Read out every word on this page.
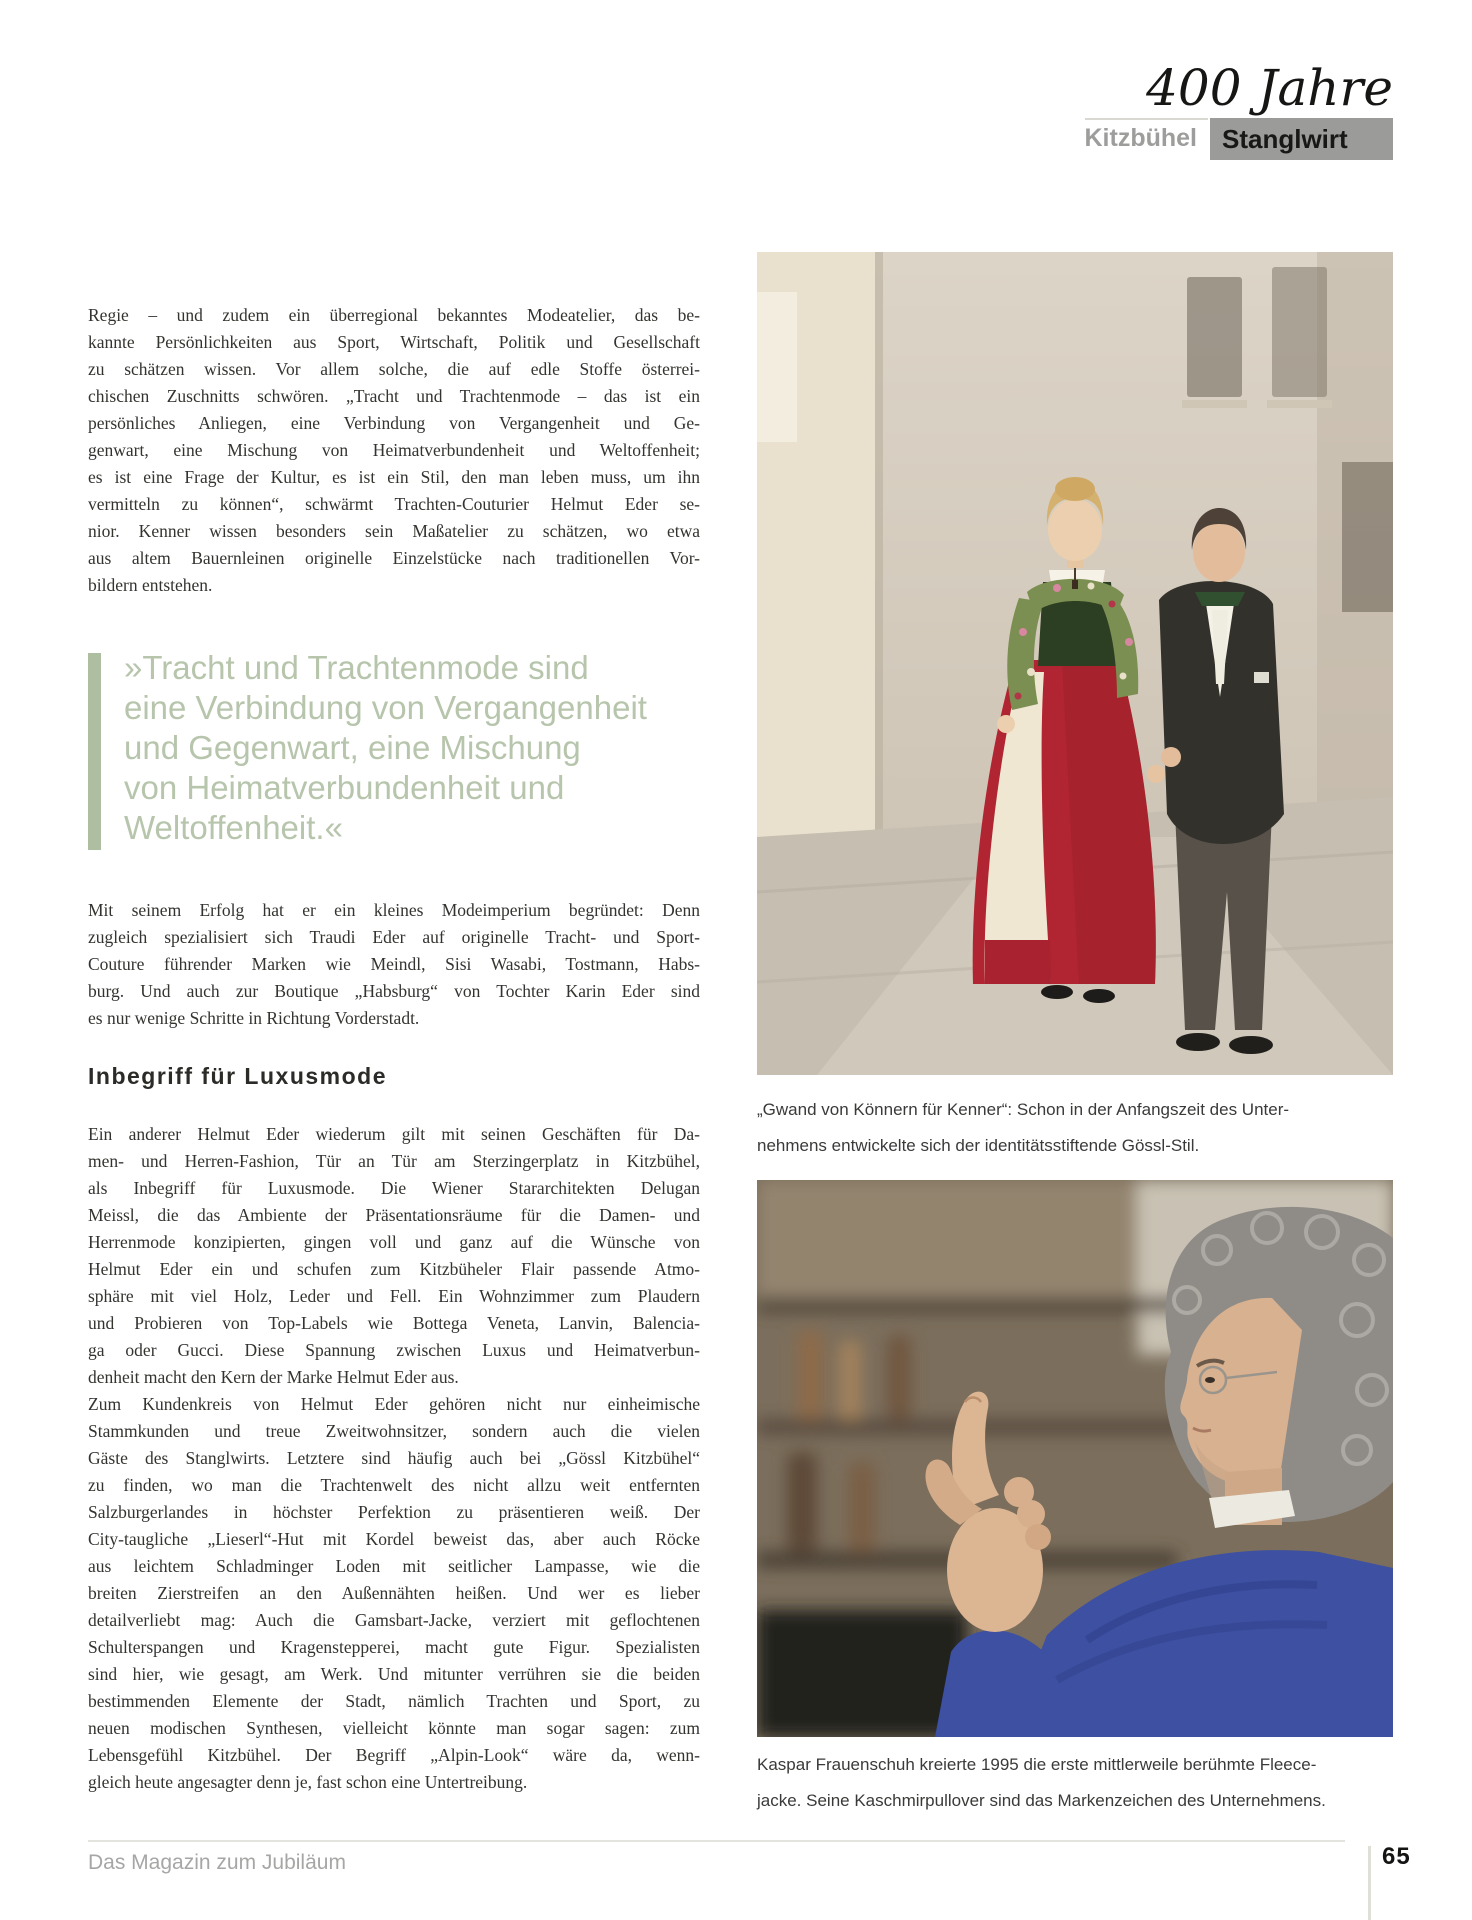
400 Jahre
Kitzbühel Stanglwirt
Regie – und zudem ein überregional bekanntes Modeatelier, das be-
kannte Persönlichkeiten aus Sport, Wirtschaft, Politik und Gesellschaft
zu schätzen wissen. Vor allem solche, die auf edle Stoffe österrei-
chischen Zuschnitts schwören. „Tracht und Trachtenmode – das ist ein
persönliches Anliegen, eine Verbindung von Vergangenheit und Ge-
genwart, eine Mischung von Heimatverbundenheit und Weltoffenheit;
es ist eine Frage der Kultur, es ist ein Stil, den man leben muss, um ihn
vermitteln zu können“, schwärmt Trachten-Couturier Helmut Eder se-
nior. Kenner wissen besonders sein Maßatelier zu schätzen, wo etwa
aus altem Bauernleinen originelle Einzelstücke nach traditionellen Vor-
bildern entstehen.
»Tracht und Trachtenmode sind
eine Verbindung von Vergangenheit
und Gegenwart, eine Mischung
von Heimatverbundenheit und
Weltoffenheit.«
Mit seinem Erfolg hat er ein kleines Modeimperium begründet: Denn
zugleich spezialisiert sich Traudi Eder auf originelle Tracht- und Sport-
Couture führender Marken wie Meindl, Sisi Wasabi, Tostmann, Habs-
burg. Und auch zur Boutique „Habsburg“ von Tochter Karin Eder sind
es nur wenige Schritte in Richtung Vorderstadt.
Inbegriff für Luxusmode
Ein anderer Helmut Eder wiederum gilt mit seinen Geschäften für Da-
men- und Herren-Fashion, Tür an Tür am Sterzingerplatz in Kitzbühel,
als Inbegriff für Luxusmode. Die Wiener Stararchitekten Delugan
Meissl, die das Ambiente der Präsentationsräume für die Damen- und
Herrenmode konzipierten, gingen voll und ganz auf die Wünsche von
Helmut Eder ein und schufen zum Kitzbüheler Flair passende Atmo-
sphäre mit viel Holz, Leder und Fell. Ein Wohnzimmer zum Plaudern
und Probieren von Top-Labels wie Bottega Veneta, Lanvin, Balencia-
ga oder Gucci. Diese Spannung zwischen Luxus und Heimatverbun-
denheit macht den Kern der Marke Helmut Eder aus.
Zum Kundenkreis von Helmut Eder gehören nicht nur einheimische
Stammkunden und treue Zweitwohnsitzer, sondern auch die vielen
Gäste des Stanglwirts. Letztere sind häufig auch bei „Gössl Kitzbühel“
zu finden, wo man die Trachtenwelt des nicht allzu weit entfernten
Salzburgerlandes in höchster Perfektion zu präsentieren weiß. Der
City-taugliche „Lieserl“-Hut mit Kordel beweist das, aber auch Röcke
aus leichtem Schladminger Loden mit seitlicher Lampasse, wie die
breiten Zierstreifen an den Außennähten heißen. Und wer es lieber
detailverliebt mag: Auch die Gamsbart-Jacke, verziert mit geflochtenen
Schulterspangen und Kragenstepperei, macht gute Figur. Spezialisten
sind hier, wie gesagt, am Werk. Und mitunter verrühren sie die beiden
bestimmenden Elemente der Stadt, nämlich Trachten und Sport, zu
neuen modischen Synthesen, vielleicht könnte man sogar sagen: zum
Lebensgefühl Kitzbühel. Der Begriff „Alpin-Look“ wäre da, wenn-
gleich heute angesagter denn je, fast schon eine Untertreibung.
„Gwand von Könnern für Kenner“: Schon in der Anfangszeit des Unter-
nehmens entwickelte sich der identitätsstiftende Gössl-Stil.
Kaspar Frauenschuh kreierte 1995 die erste mittlerweile berühmte Fleece-
jacke. Seine Kaschmirpullover sind das Markenzeichen des Unternehmens.
Das Magazin zum Jubiläum	65
